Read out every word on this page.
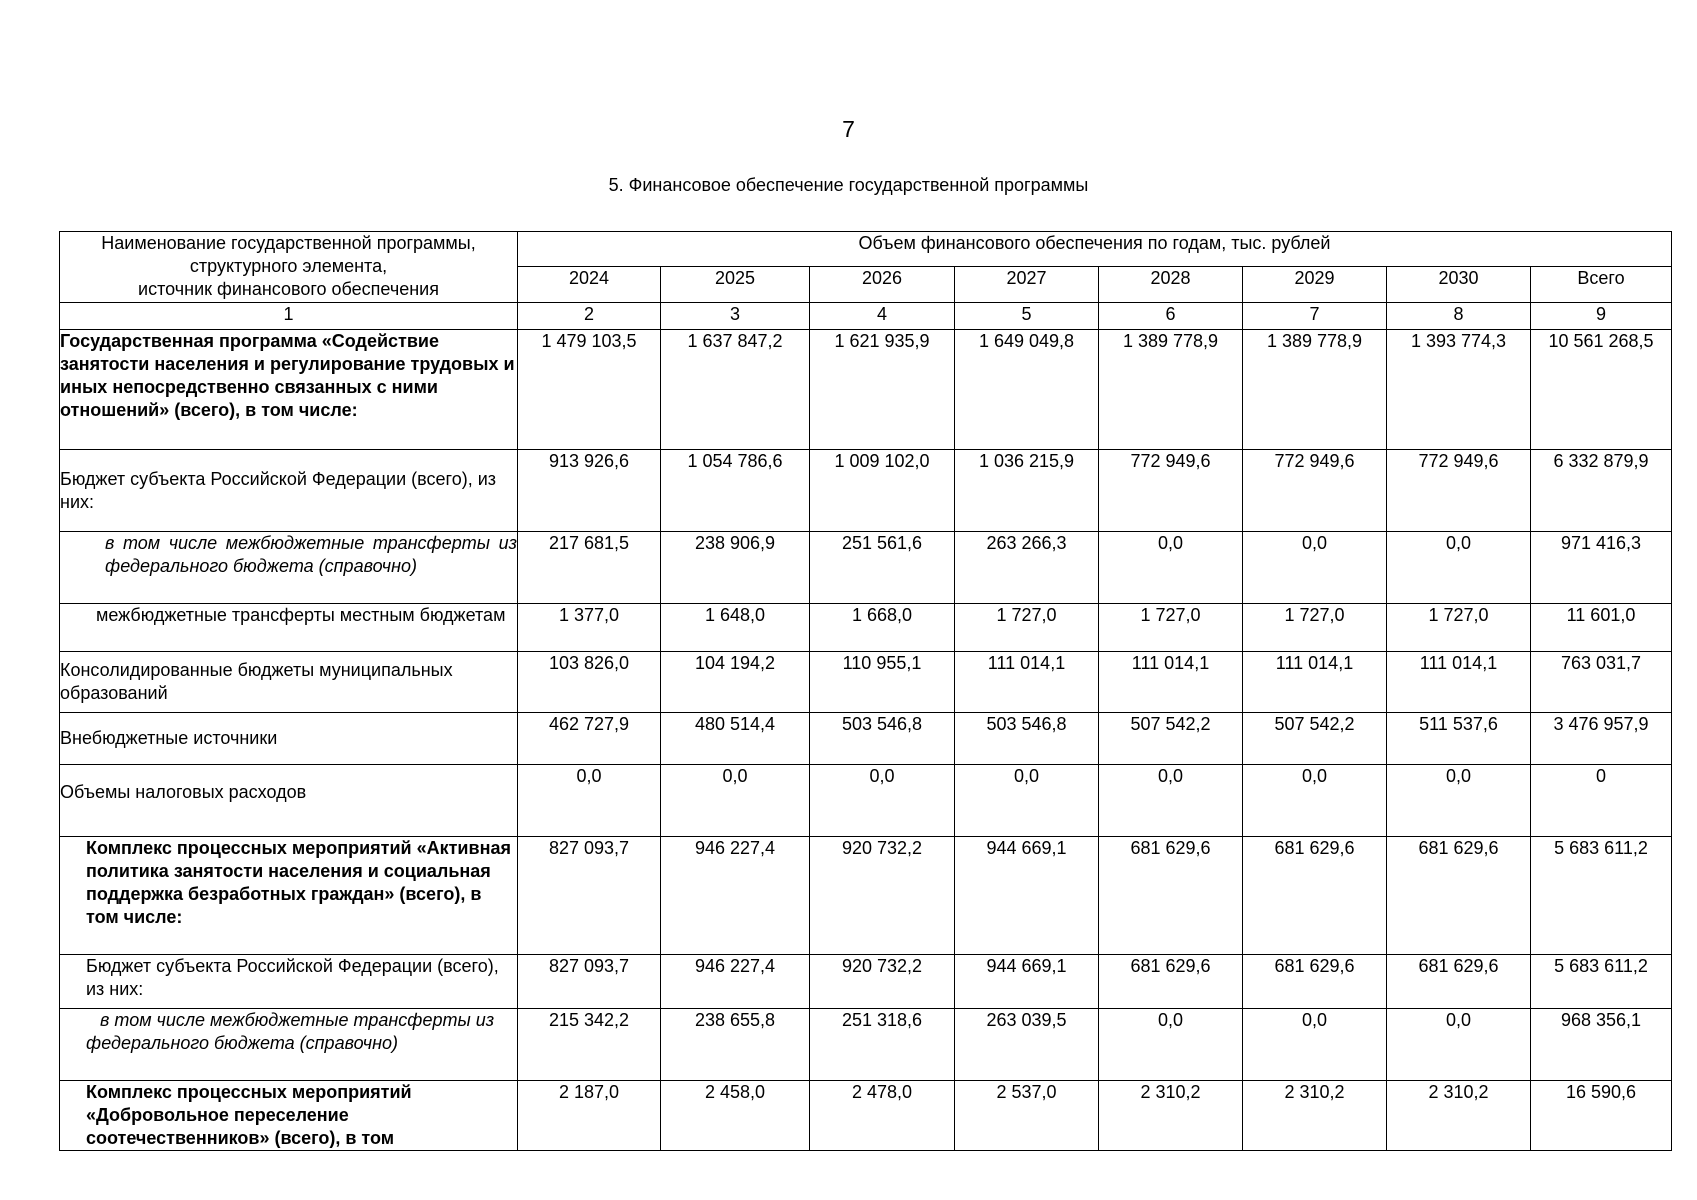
7
5. Финансовое обеспечение государственной программы
Наименование государственной программы,
структурного элемента,
источник финансового обеспечения	Объем финансового обеспечения по годам, тыс. рублей							
	2024	2025	2026	2027	2028	2029	2030	Всего
1	2	3	4	5	6	7	8	9
Государственная программа «Содействие занятости населения и регулирование трудовых и иных непосредственно связанных с ними отношений» (всего), в том числе:	1 479 103,5	1 637 847,2	1 621 935,9	1 649 049,8	1 389 778,9	1 389 778,9	1 393 774,3	10 561 268,5
Бюджет субъекта Российской Федерации (всего), из них:	913 926,6	1 054 786,6	1 009 102,0	1 036 215,9	772 949,6	772 949,6	772 949,6	6 332 879,9
в том числе межбюджетные трансферты из федерального бюджета (справочно)	217 681,5	238 906,9	251 561,6	263 266,3	0,0	0,0	0,0	971 416,3
межбюджетные трансферты местным бюджетам	1 377,0	1 648,0	1 668,0	1 727,0	1 727,0	1 727,0	1 727,0	11 601,0
Консолидированные бюджеты муниципальных образований	103 826,0	104 194,2	110 955,1	111 014,1	111 014,1	111 014,1	111 014,1	763 031,7
Внебюджетные источники	462 727,9	480 514,4	503 546,8	503 546,8	507 542,2	507 542,2	511 537,6	3 476 957,9
Объемы налоговых расходов	0,0	0,0	0,0	0,0	0,0	0,0	0,0	0
Комплекс процессных мероприятий «Активная политика занятости населения и социальная поддержка безработных граждан» (всего), в том числе:	827 093,7	946 227,4	920 732,2	944 669,1	681 629,6	681 629,6	681 629,6	5 683 611,2
Бюджет субъекта Российской Федерации (всего), из них:	827 093,7	946 227,4	920 732,2	944 669,1	681 629,6	681 629,6	681 629,6	5 683 611,2
в том числе межбюджетные трансферты из федерального бюджета (справочно)	215 342,2	238 655,8	251 318,6	263 039,5	0,0	0,0	0,0	968 356,1
Комплекс процессных мероприятий «Добровольное переселение соотечественников» (всего), в том	2 187,0	2 458,0	2 478,0	2 537,0	2 310,2	2 310,2	2 310,2	16 590,6
